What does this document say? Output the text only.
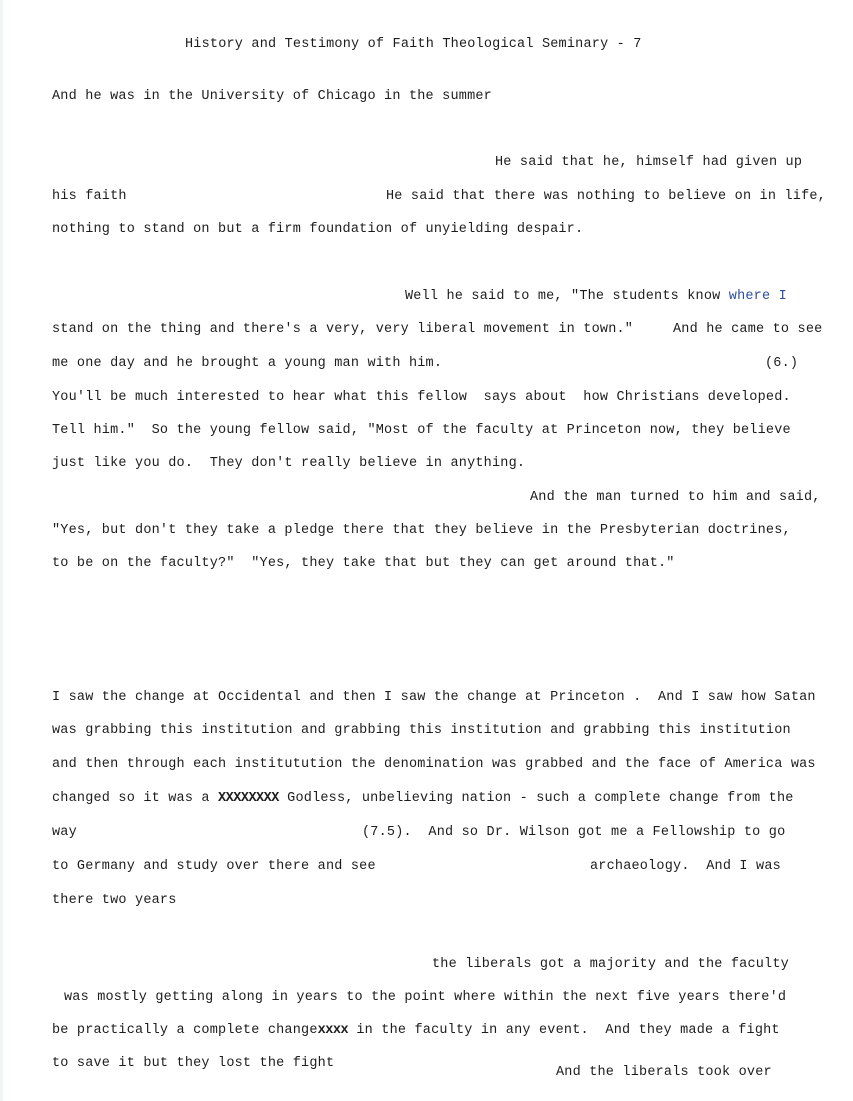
History and Testimony of Faith Theological Seminary - 7
And he was in the University of Chicago in the summer
He said that he, himself had given up
his faith	He said that there was nothing to believe on in life,
nothing to stand on but a firm foundation of unyielding despair.
Well he said to me, "The students know where I
stand on the thing and there's a very, very liberal movement in town."	And he came to see
me one day and he brought a young man with him.	(6.)
You'll be much interested to hear what this fellow  says about  how Christians developed.
Tell him."  So the young fellow said, "Most of the faculty at Princeton now, they believe
just like you do.  They don't really believe in anything.
And the man turned to him and said,
"Yes, but don't they take a pledge there that they believe in the Presbyterian doctrines,
to be on the faculty?"  "Yes, they take that but they can get around that."
I saw the change at Occidental and then I saw the change at Princeton .  And I saw how Satan
was grabbing this institution and grabbing this institution and grabbing this institution
and then through each institutution the denomination was grabbed and the face of America was
changed so it was a XXXXXXXX Godless, unbelieving nation - such a complete change from the
way	(7.5).  And so Dr. Wilson got me a Fellowship to go
to Germany and study over there and see	archaeology.  And I was
there two years
the liberals got a majority and the faculty
was mostly getting along in years to the point where within the next five years there'd
be practically a complete changexxxx in the faculty in any event.  And they made a fight
to save it but they lost the fight
And the liberals took over
